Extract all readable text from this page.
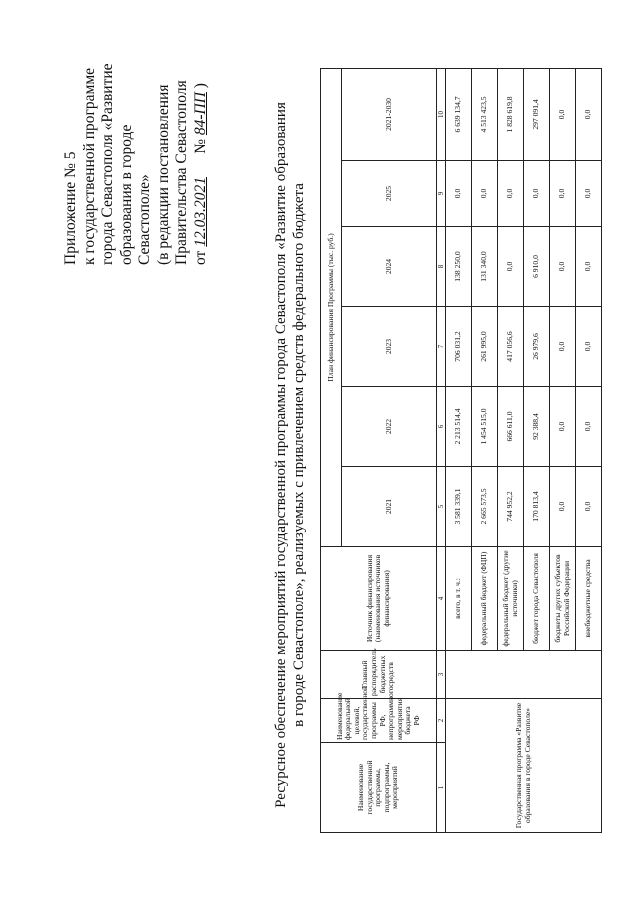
Приложение № 5 к государственной программе города Севастополя «Развитие образования в городе Севастополе» (в редакции постановления Правительства Севастополя от 12.03.2021      № 84-ПП )
Ресурсное обеспечение мероприятий государственной программы города Севастополя «Развитие образования в городе Севастополе», реализуемых с привлечением средств федерального бюджета
Наименование государственной программы, подпрограммы, мероприятий	Наименование федеральной целевой, государственной программы РФ, непрограммного мероприятия бюджета РФ	Главный распорядитель бюджетных средств	Источник финансирования (наименования источников финансирования)	План финансирования Программы (тыс. руб.)					
				2021	2022	2023	2024	2025	2021-2030
1	2	3	4	5	6	7	8	9	10
Государственная программа «Развитие образования в городе Севастополе»			всего, в т. ч.:	3 581 339,1	2 213 514,4	706 031,2	138 250,0	0,0	6 639 134,7
			федеральный бюджет (ФЦП)	2 665 573,5	1 454 515,0	261 995,0	131 340,0	0,0	4 513 423,5
			федеральный бюджет (другие источники)	744 952,2	666 611,0	417 056,6	0,0	0,0	1 828 619,8
			бюджет города Севастополя	170 813,4	92 388,4	26 979,6	6 910,0	0,0	297 091,4
			бюджеты других субъектов Российской Федерации	0,0	0,0	0,0	0,0	0,0	0,0
			внебюджетные средства	0,0	0,0	0,0	0,0	0,0	0,0
